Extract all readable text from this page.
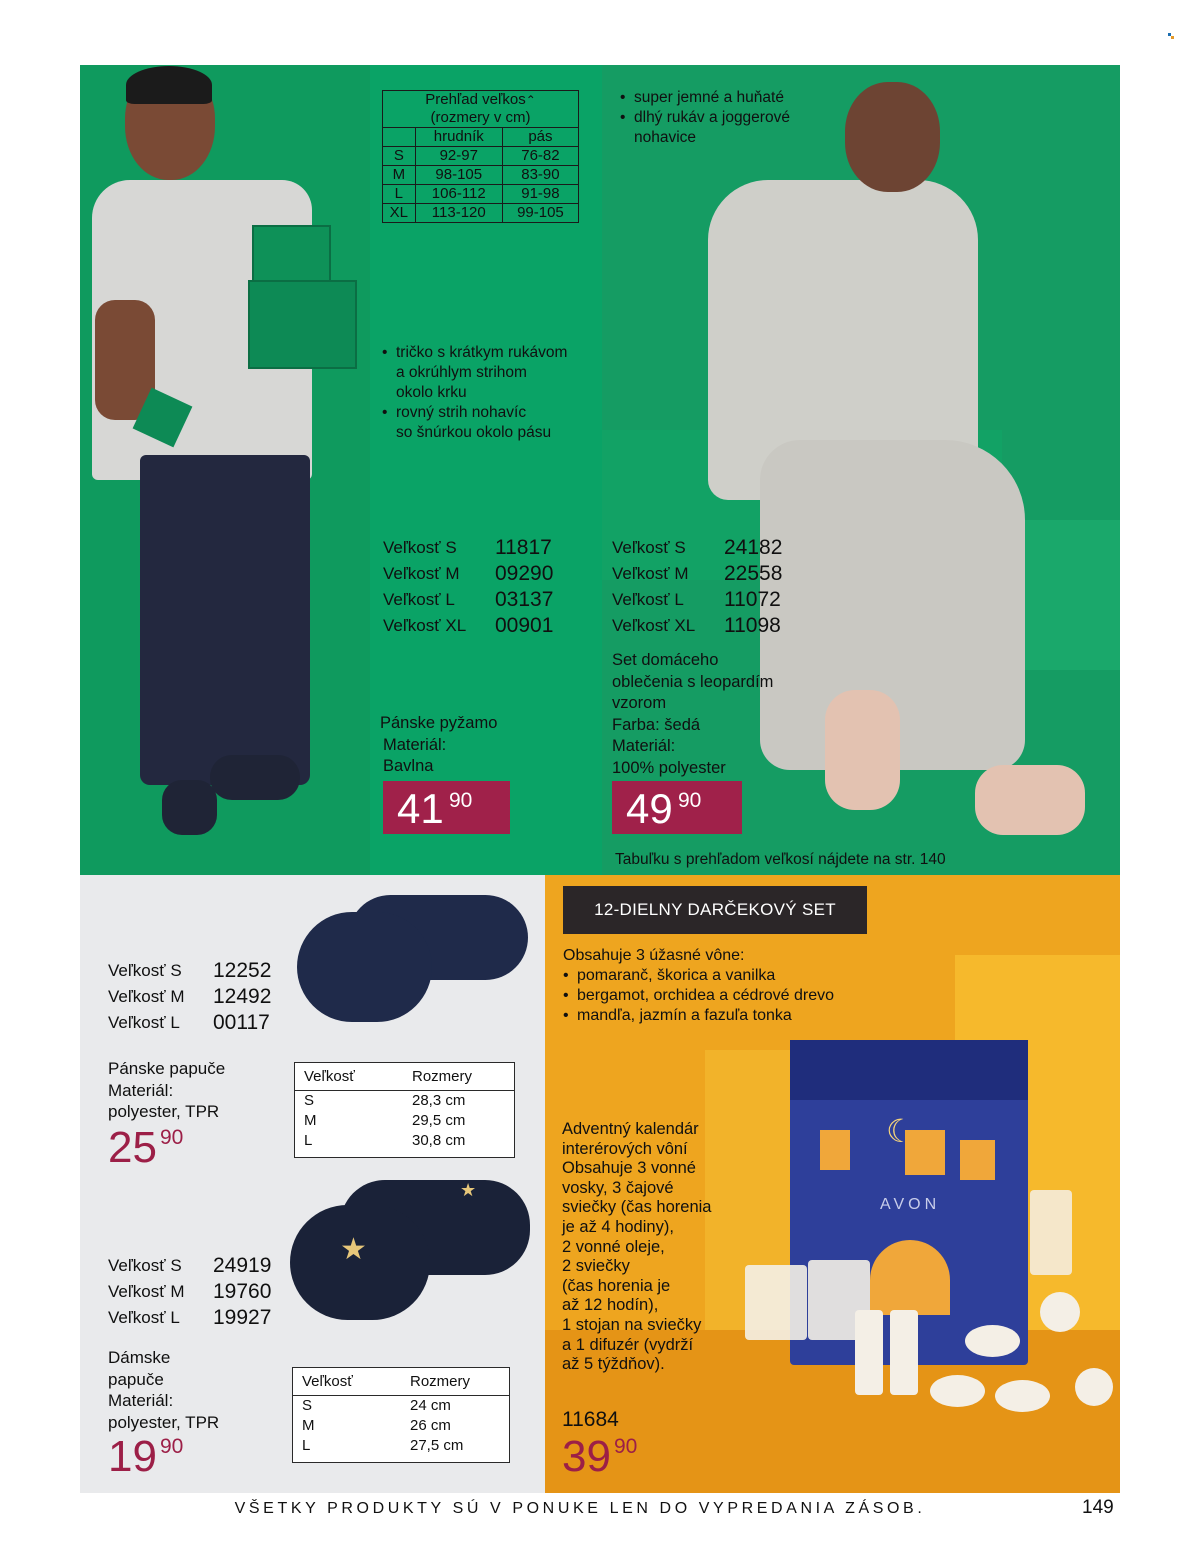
Prehľad veľkos⌃		
(rozmery v cm)		
	hrudník	pás
S	92-97	76-82
M	98-105	83-90
L	106-112	91-98
XL	113-120	99-105
• tričko s krátkym rukávom
a okrúhlym strihom
okolo krku
• rovný strih nohavíc
so šnúrkou okolo pásu
• super jemné a huňaté
• dlhý rukáv a joggerové
nohavice
Veľkosť S	11817
Veľkosť M	09290
Veľkosť L	03137
Veľkosť XL	00901
Veľkosť S	24182
Veľkosť M	22558
Veľkosť L	11072
Veľkosť XL	11098
Set domáceho
oblečenia s leopardím
vzorom
Farba: šedá
Materiál:
100% polyester
Pánske pyžamo
Materiál:
Bavlna
41 90	49 90
Tabuľku s prehľadom veľkosí nájdete na str. 140
Veľkosť S	12252
Veľkosť M	12492
Veľkosť L	00117
Pánske papuče
Materiál:
polyester, TPR
25 90
Veľkosť	Rozmery
S	28,3 cm
M	29,5 cm
L	30,8 cm
★
★
Veľkosť S	24919
Veľkosť M	19760
Veľkosť L	19927
Dámske
papuče
Materiál:
polyester, TPR
19 90
Veľkosť	Rozmery
S	24 cm
M	26 cm
L	27,5 cm
12-DIELNY DARČEKOVÝ SET
Obsahuje 3 úžasné vône:
• pomaranč, škorica a vanilka
• bergamot, orchidea a cédrové drevo
• mandľa, jazmín a fazuľa tonka
AVON
☾
Adventný kalendár
interérových vôní
Obsahuje 3 vonné
vosky, 3 čajové
sviečky (čas horenia
je až 4 hodiny),
2 vonné oleje,
2 sviečky
(čas horenia je
až 12 hodín),
1 stojan na sviečky
a 1 difuzér (vydrží
až 5 týždňov).
11684
39 90
VŠETKY PRODUKTY SÚ V PONUKE LEN DO VYPREDANIA ZÁSOB.	149
